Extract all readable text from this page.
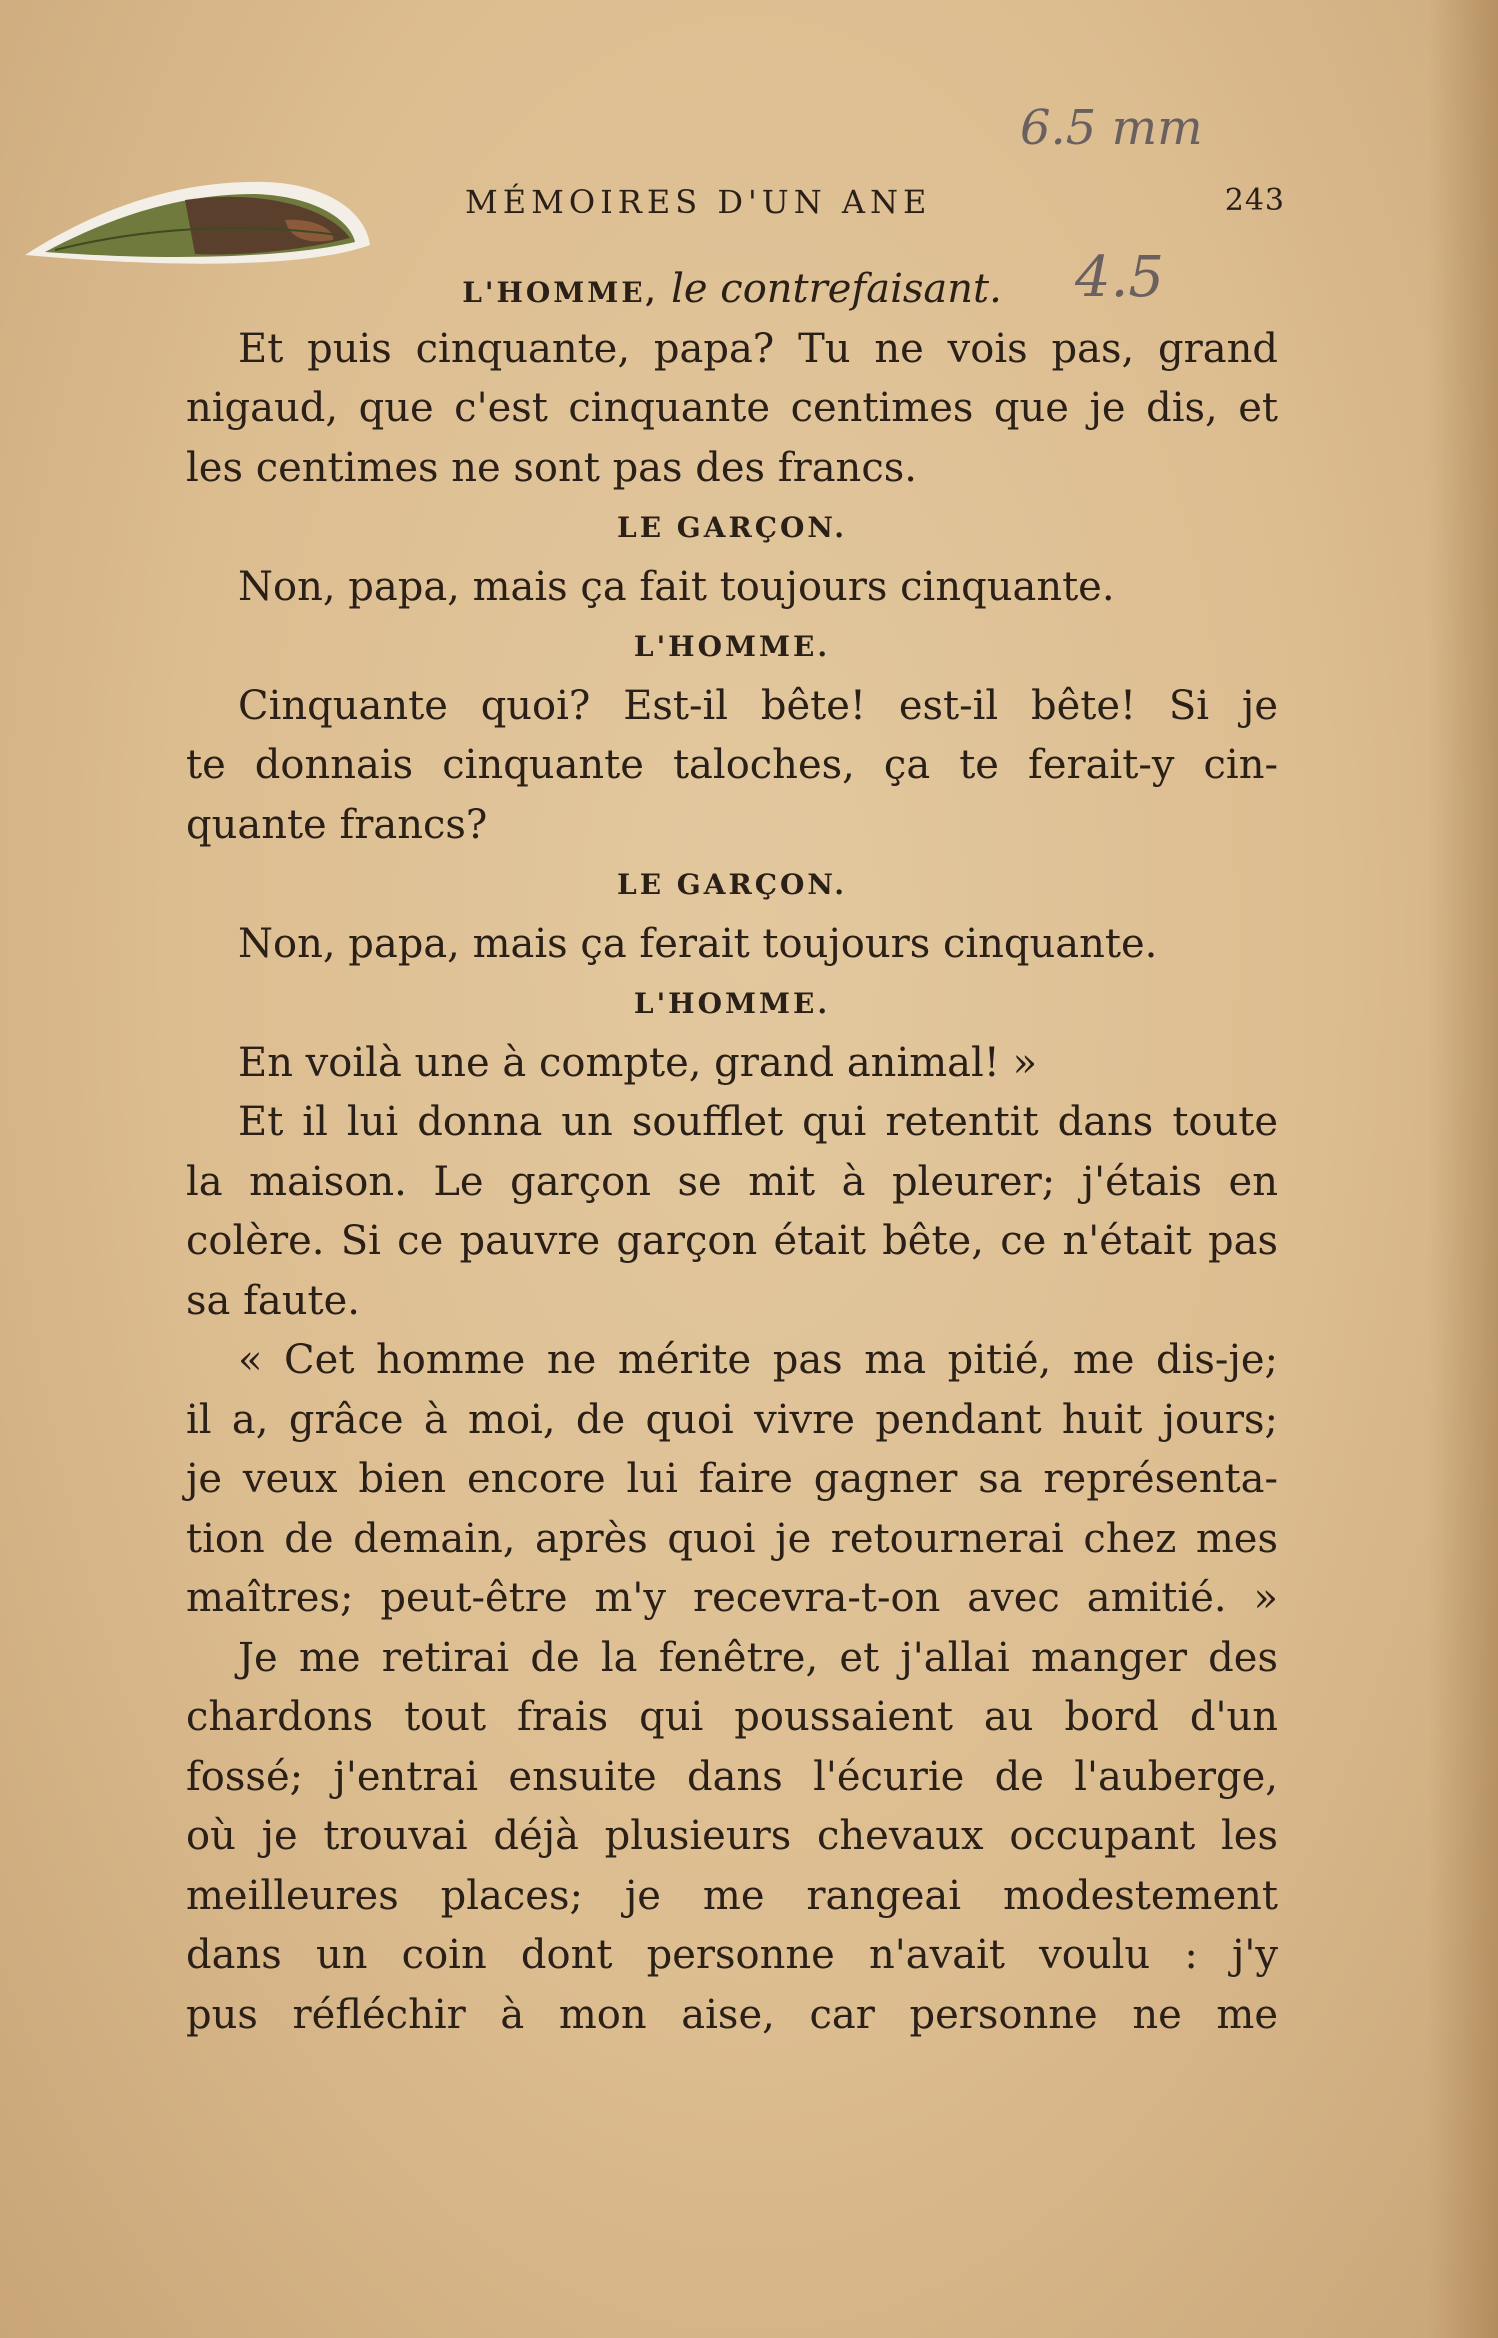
6.5 mm
4.5
MÉMOIRES D'UN ANE	243
L'HOMME, le contrefaisant.
Et puis cinquante, papa? Tu ne vois pas, grand
nigaud, que c'est cinquante centimes que je dis, et
les centimes ne sont pas des francs.
LE GARÇON.
Non, papa, mais ça fait toujours cinquante.
L'HOMME.
Cinquante quoi? Est-il bête! est-il bête! Si je
te donnais cinquante taloches, ça te ferait-y cin-
quante francs?
LE GARÇON.
Non, papa, mais ça ferait toujours cinquante.
L'HOMME.
En voilà une à compte, grand animal! »
Et il lui donna un soufflet qui retentit dans toute
la maison. Le garçon se mit à pleurer; j'étais en
colère. Si ce pauvre garçon était bête, ce n'était pas
sa faute.
« Cet homme ne mérite pas ma pitié, me dis-je;
il a, grâce à moi, de quoi vivre pendant huit jours;
je veux bien encore lui faire gagner sa représenta-
tion de demain, après quoi je retournerai chez mes
maîtres; peut-être m'y recevra-t-on avec amitié. »
Je me retirai de la fenêtre, et j'allai manger des
chardons tout frais qui poussaient au bord d'un
fossé; j'entrai ensuite dans l'écurie de l'auberge,
où je trouvai déjà plusieurs chevaux occupant les
meilleures places; je me rangeai modestement
dans un coin dont personne n'avait voulu : j'y
pus réfléchir à mon aise, car personne ne me
